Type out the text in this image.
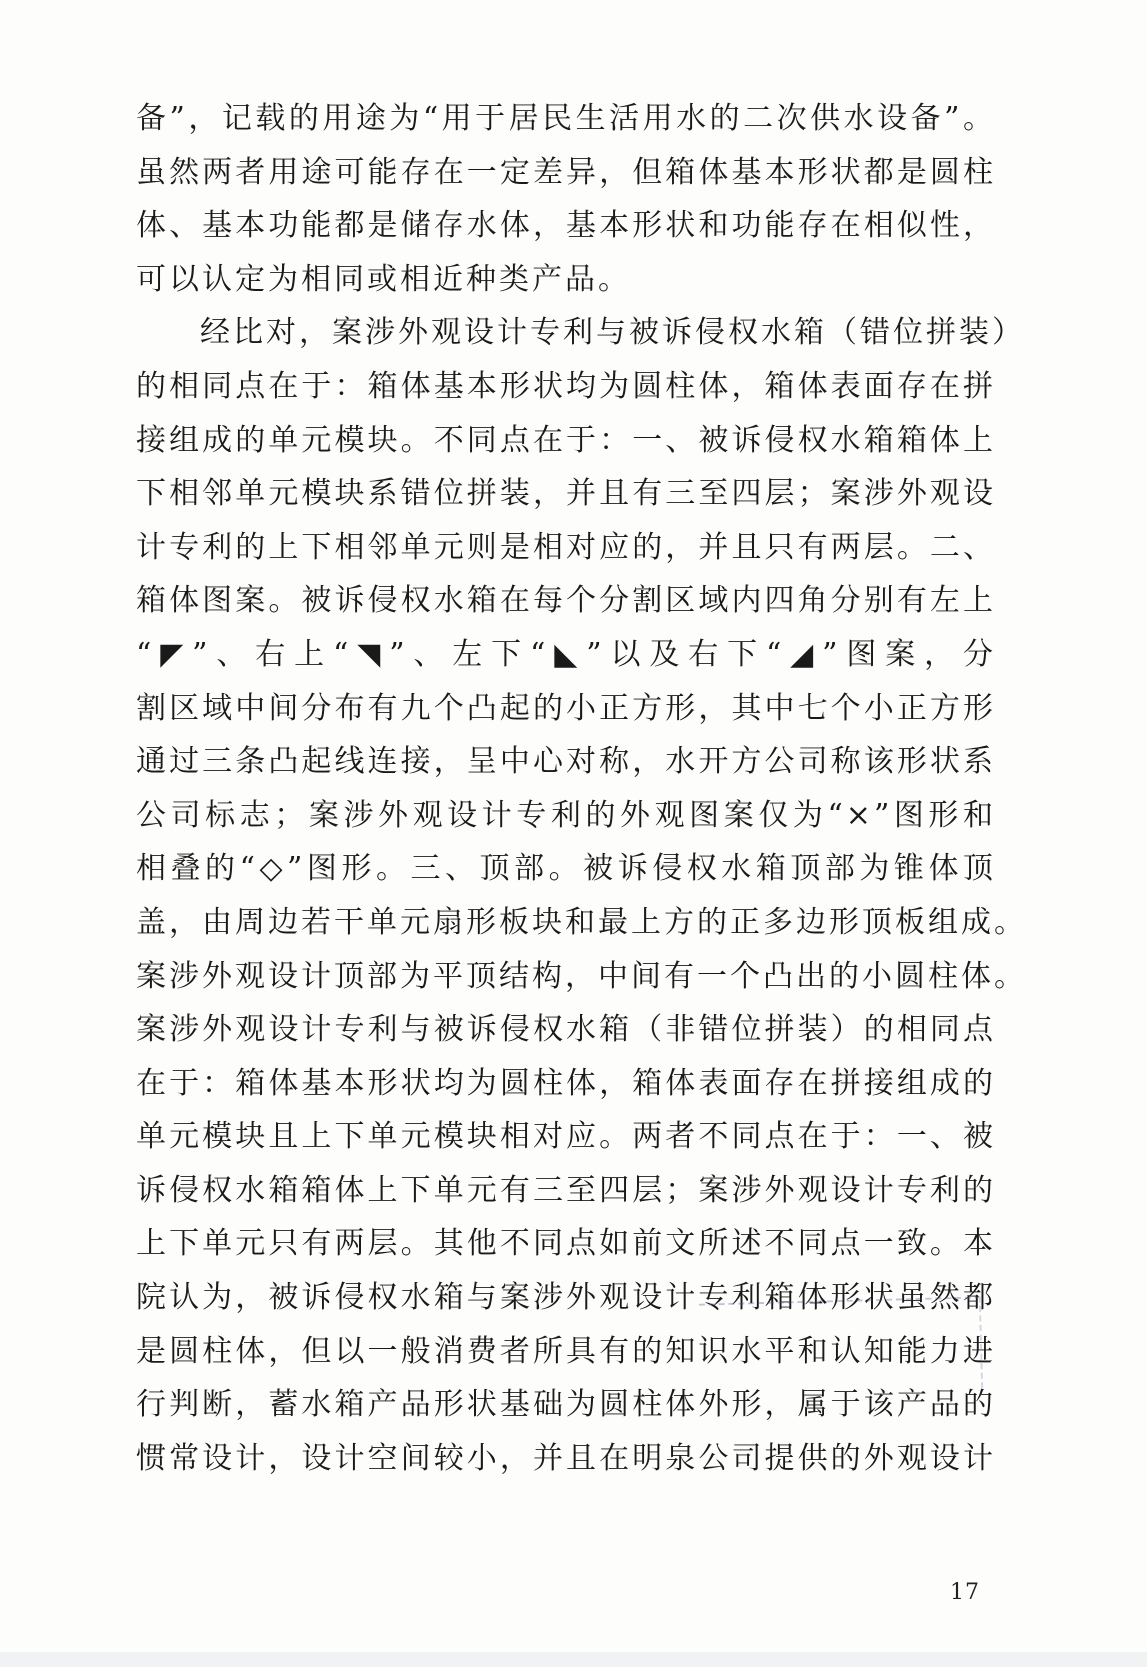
备”，记载的用途为“用于居民生活用水的二次供水设备”。
虽然两者用途可能存在一定差异，但箱体基本形状都是圆柱
体、基本功能都是储存水体，基本形状和功能存在相似性，
可以认定为相同或相近种类产品。
经比对，案涉外观设计专利与被诉侵权水箱（错位拼装）
的相同点在于：箱体基本形状均为圆柱体，箱体表面存在拼
接组成的单元模块。不同点在于：一、被诉侵权水箱箱体上
下相邻单元模块系错位拼装，并且有三至四层；案涉外观设
计专利的上下相邻单元则是相对应的，并且只有两层。二、
箱体图案。被诉侵权水箱在每个分割区域内四角分别有左上
“◤”、右上“◥”、左下“◣”以及右下“◢”图案，分
割区域中间分布有九个凸起的小正方形，其中七个小正方形
通过三条凸起线连接，呈中心对称，水开方公司称该形状系
公司标志；案涉外观设计专利的外观图案仅为“×”图形和
相叠的“◇”图形。三、顶部。被诉侵权水箱顶部为锥体顶
盖，由周边若干单元扇形板块和最上方的正多边形顶板组成。
案涉外观设计顶部为平顶结构，中间有一个凸出的小圆柱体。
案涉外观设计专利与被诉侵权水箱（非错位拼装）的相同点
在于：箱体基本形状均为圆柱体，箱体表面存在拼接组成的
单元模块且上下单元模块相对应。两者不同点在于：一、被
诉侵权水箱箱体上下单元有三至四层；案涉外观设计专利的
上下单元只有两层。其他不同点如前文所述不同点一致。本
院认为，被诉侵权水箱与案涉外观设计专利箱体形状虽然都
是圆柱体，但以一般消费者所具有的知识水平和认知能力进
行判断，蓄水箱产品形状基础为圆柱体外形，属于该产品的
惯常设计，设计空间较小，并且在明泉公司提供的外观设计
17
